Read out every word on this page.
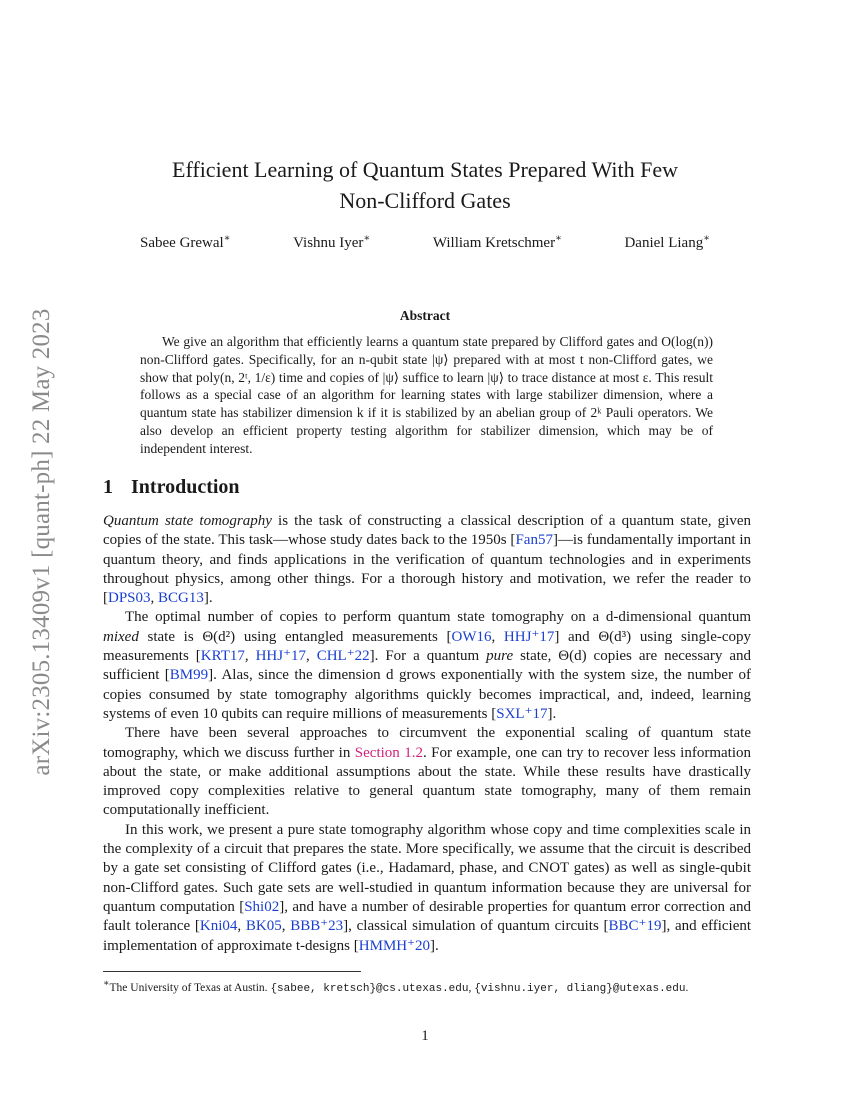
arXiv:2305.13409v1 [quant-ph] 22 May 2023
Efficient Learning of Quantum States Prepared With Few
Non-Clifford Gates
Sabee Grewal∗	Vishnu Iyer∗	William Kretschmer∗	Daniel Liang∗
Abstract

We give an algorithm that efficiently learns a quantum state prepared by Clifford gates and O(log(n)) non-Clifford gates. Specifically, for an n-qubit state |ψ⟩ prepared with at most t non-Clifford gates, we show that poly(n, 2ᵗ, 1/ε) time and copies of |ψ⟩ suffice to learn |ψ⟩ to trace distance at most ε. This result follows as a special case of an algorithm for learning states with large stabilizer dimension, where a quantum state has stabilizer dimension k if it is stabilized by an abelian group of 2ᵏ Pauli operators. We also develop an efficient property testing algorithm for stabilizer dimension, which may be of independent interest.

1 Introduction

Quantum state tomography is the task of constructing a classical description of a quantum state, given copies of the state. This task—whose study dates back to the 1950s [Fan57]—is fundamentally important in quantum theory, and finds applications in the verification of quantum technologies and in experiments throughout physics, among other things. For a thorough history and motivation, we refer the reader to [DPS03, BCG13].

The optimal number of copies to perform quantum state tomography on a d-dimensional quantum mixed state is Θ(d²) using entangled measurements [OW16, HHJ⁺17] and Θ(d³) using single-copy measurements [KRT17, HHJ⁺17, CHL⁺22]. For a quantum pure state, Θ(d) copies are necessary and sufficient [BM99]. Alas, since the dimension d grows exponentially with the system size, the number of copies consumed by state tomography algorithms quickly becomes impractical, and, indeed, learning systems of even 10 qubits can require millions of measurements [SXL⁺17].

There have been several approaches to circumvent the exponential scaling of quantum state tomography, which we discuss further in Section 1.2. For example, one can try to recover less information about the state, or make additional assumptions about the state. While these results have drastically improved copy complexities relative to general quantum state tomography, many of them remain computationally inefficient.

In this work, we present a pure state tomography algorithm whose copy and time complexities scale in the complexity of a circuit that prepares the state. More specifically, we assume that the circuit is described by a gate set consisting of Clifford gates (i.e., Hadamard, phase, and CNOT gates) as well as single-qubit non-Clifford gates. Such gate sets are well-studied in quantum information because they are universal for quantum computation [Shi02], and have a number of desirable properties for quantum error correction and fault tolerance [Kni04, BK05, BBB⁺23], classical simulation of quantum circuits [BBC⁺19], and efficient implementation of approximate t-designs [HMMH⁺20].

∗The University of Texas at Austin. {sabee, kretsch}@cs.utexas.edu, {vishnu.iyer, dliang}@utexas.edu.
1
